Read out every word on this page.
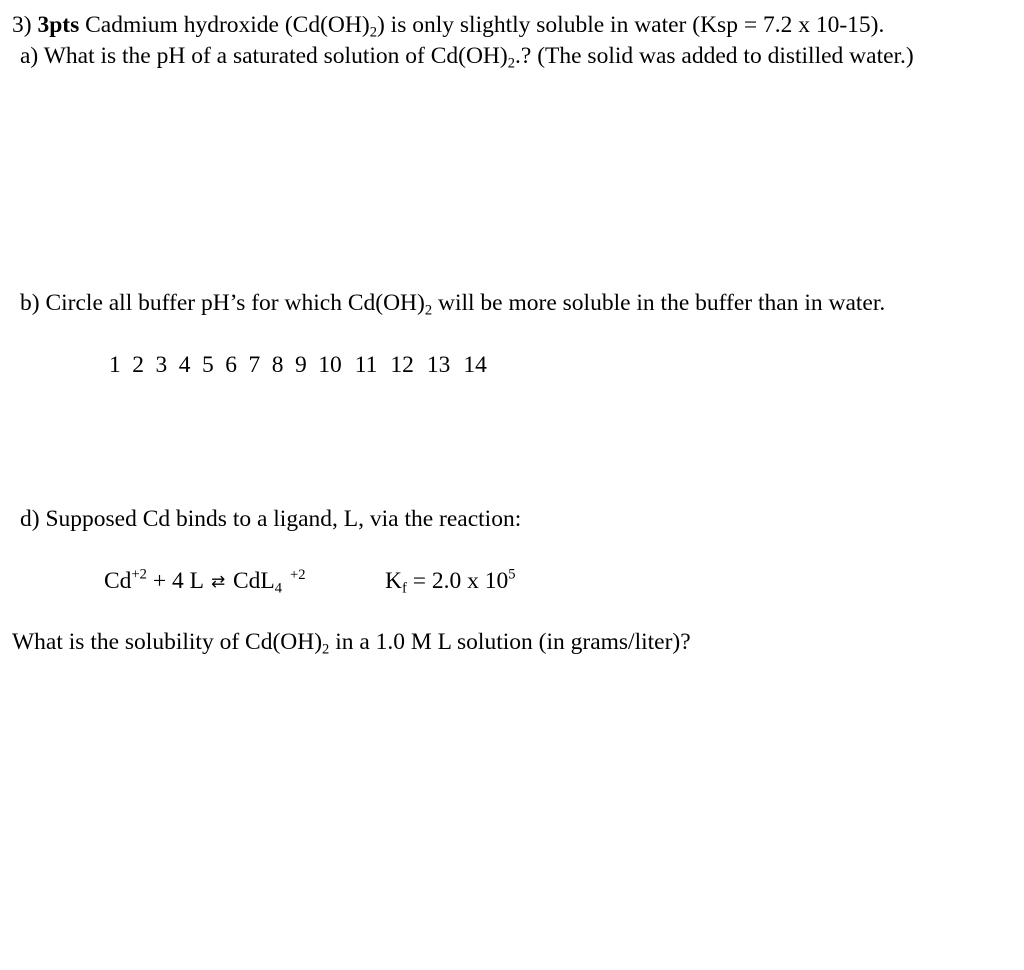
3) 3pts Cadmium hydroxide $(Cd(OH)_2)$ is only slightly soluble in water (Ksp = 7.2 x 10-15).
a) What is the pH of a saturated solution of $Cd(OH)_2$.? (The solid was added to distilled water.)
b) Circle all buffer pH’s for which $Cd(OH)_2$ will be more soluble in the buffer than in water.
1 2 3 4 5 6 7 8 9 10 11 12 13 14
d) Supposed Cd binds to a ligand, L, via the reaction:
$Cd^{+2} + 4$ L ⇄ CdL$_4^{+2}$	$K_f = 2.0$ x $10^5$
What is the solubility of $Cd(OH)_2$ in a 1.0 M L solution (in grams/liter)?
